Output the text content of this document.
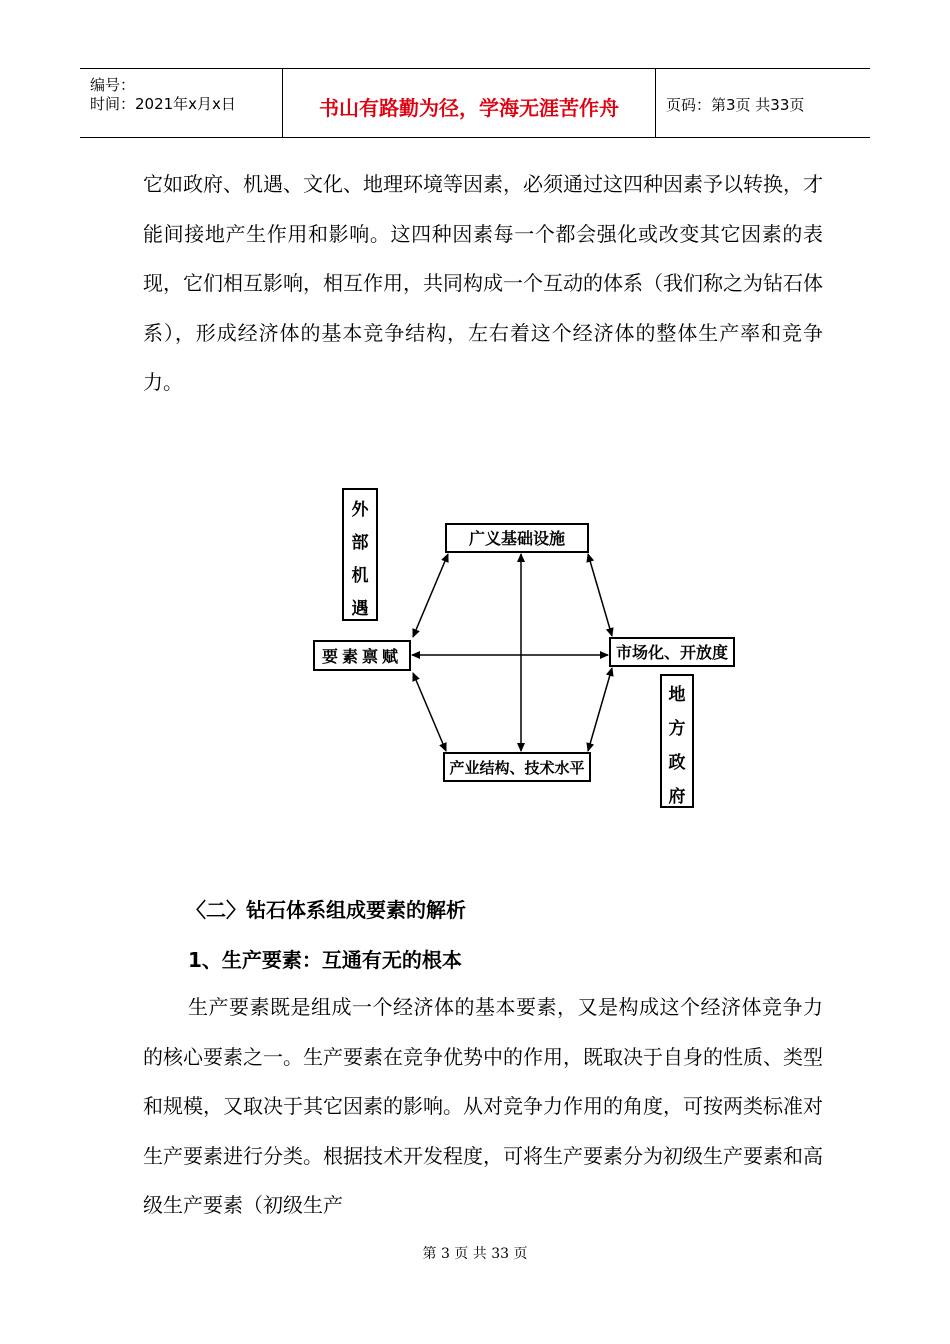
编号：
时间：2021年x月x日	书山有路勤为径，学海无涯苦作舟	页码：第3页 共33页

它如政府、机遇、文化、地理环境等因素，必须通过这四种因素予以转换，才能间接地产生作用和影响。这四种因素每一个都会强化或改变其它因素的表现，它们相互影响，相互作用，共同构成一个互动的体系（我们称之为钻石体系），形成经济体的基本竞争结构，左右着这个经济体的整体生产率和竞争力。

外部机遇
要素禀赋
广义基础设施
市场化、开放度
产业结构、技术水平
地方政府
〈二〉钻石体系组成要素的解析
1、生产要素：互通有无的根本

生产要素既是组成一个经济体的基本要素，又是构成这个经济体竞争力的核心要素之一。生产要素在竞争优势中的作用，既取决于自身的性质、类型和规模，又取决于其它因素的影响。从对竞争力作用的角度，可按两类标准对生产要素进行分类。根据技术开发程度，可将生产要素分为初级生产要素和高级生产要素（初级生产

第 3 页 共 33 页
